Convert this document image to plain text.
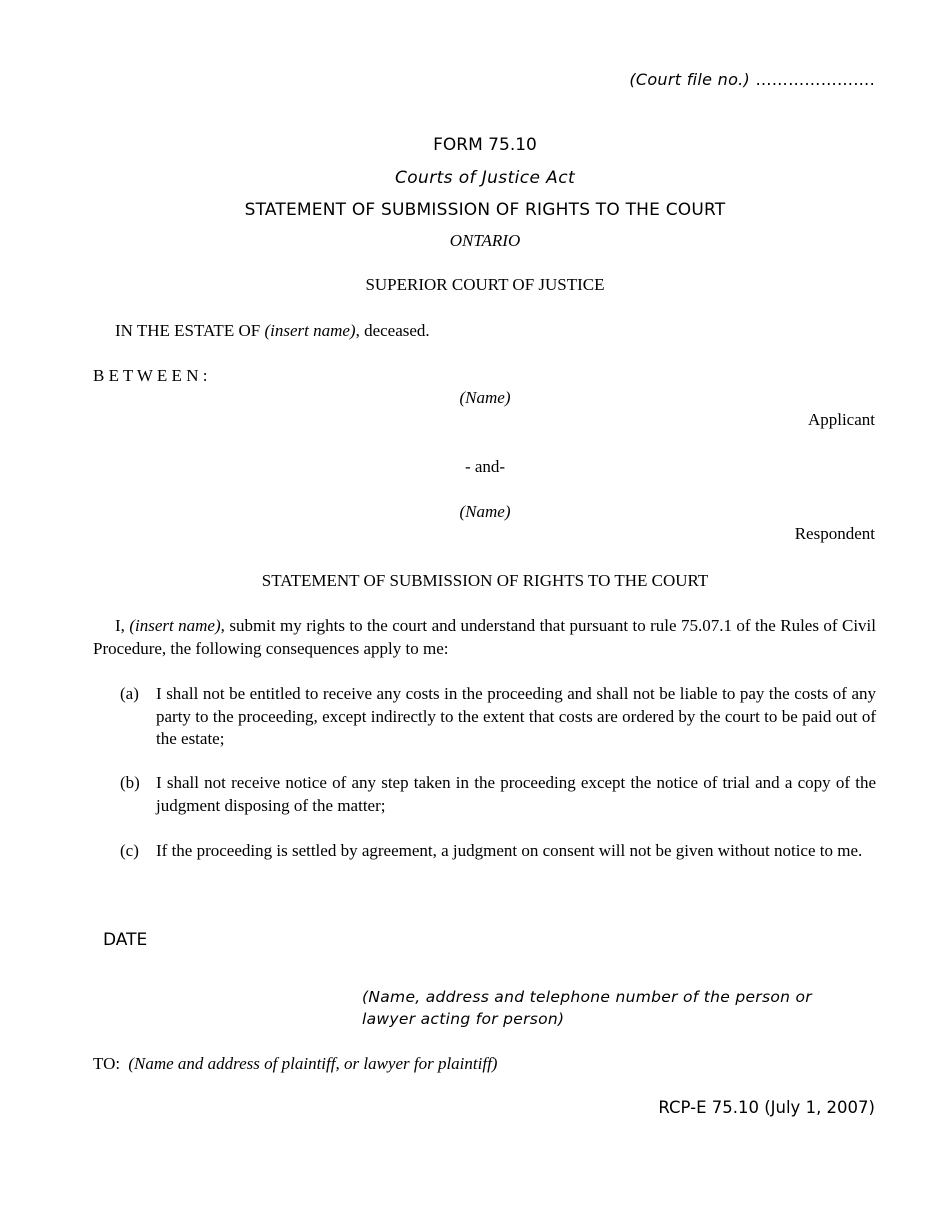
(Court file no.) ………………….
FORM 75.10
Courts of Justice Act
STATEMENT OF SUBMISSION OF RIGHTS TO THE COURT
ONTARIO
SUPERIOR COURT OF JUSTICE
IN THE ESTATE OF (insert name), deceased.
B E T W E E N :
(Name)
Applicant
- and-
(Name)
Respondent
STATEMENT OF SUBMISSION OF RIGHTS TO THE COURT
I, (insert name), submit my rights to the court and understand that pursuant to rule 75.07.1 of the Rules of Civil Procedure, the following consequences apply to me:
(a) I shall not be entitled to receive any costs in the proceeding and shall not be liable to pay the costs of any party to the proceeding, except indirectly to the extent that costs are ordered by the court to be paid out of the estate;
(b) I shall not receive notice of any step taken in the proceeding except the notice of trial and a copy of the judgment disposing of the matter;
(c) If the proceeding is settled by agreement, a judgment on consent will not be given without notice to me.
DATE
(Name, address and telephone number of the person or
lawyer acting for person)
TO: (Name and address of plaintiff, or lawyer for plaintiff)
RCP-E 75.10 (July 1, 2007)
